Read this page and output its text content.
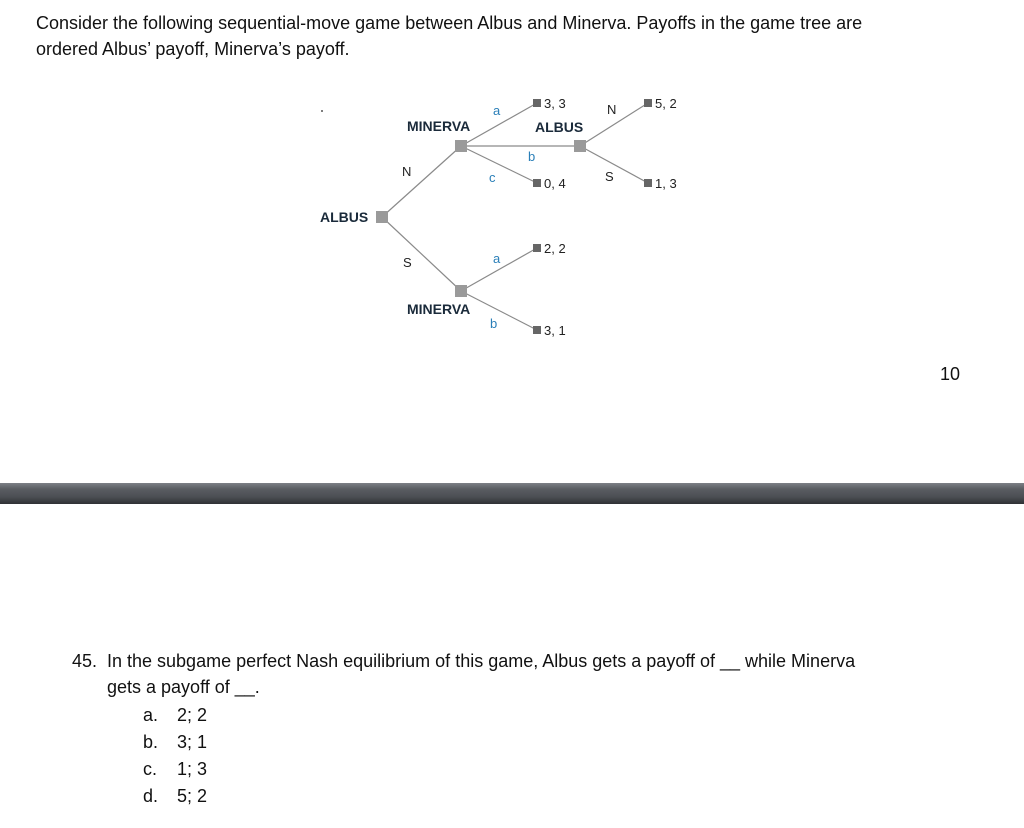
Consider the following sequential-move game between Albus and Minerva. Payoffs in the game tree are
ordered Albus’ payoff, Minerva’s payoff.

ALBUS
MINERVA	ALBUS
MINERVA
N
S
a
b
c
N
S
a
b
3, 3
0, 4
5, 2
1, 3
2, 2
3, 1

10

45. In the subgame perfect Nash equilibrium of this game, Albus gets a payoff of __ while Minerva
gets a payoff of __.

a. 2; 2
b. 3; 1
c. 1; 3
d. 5; 2
